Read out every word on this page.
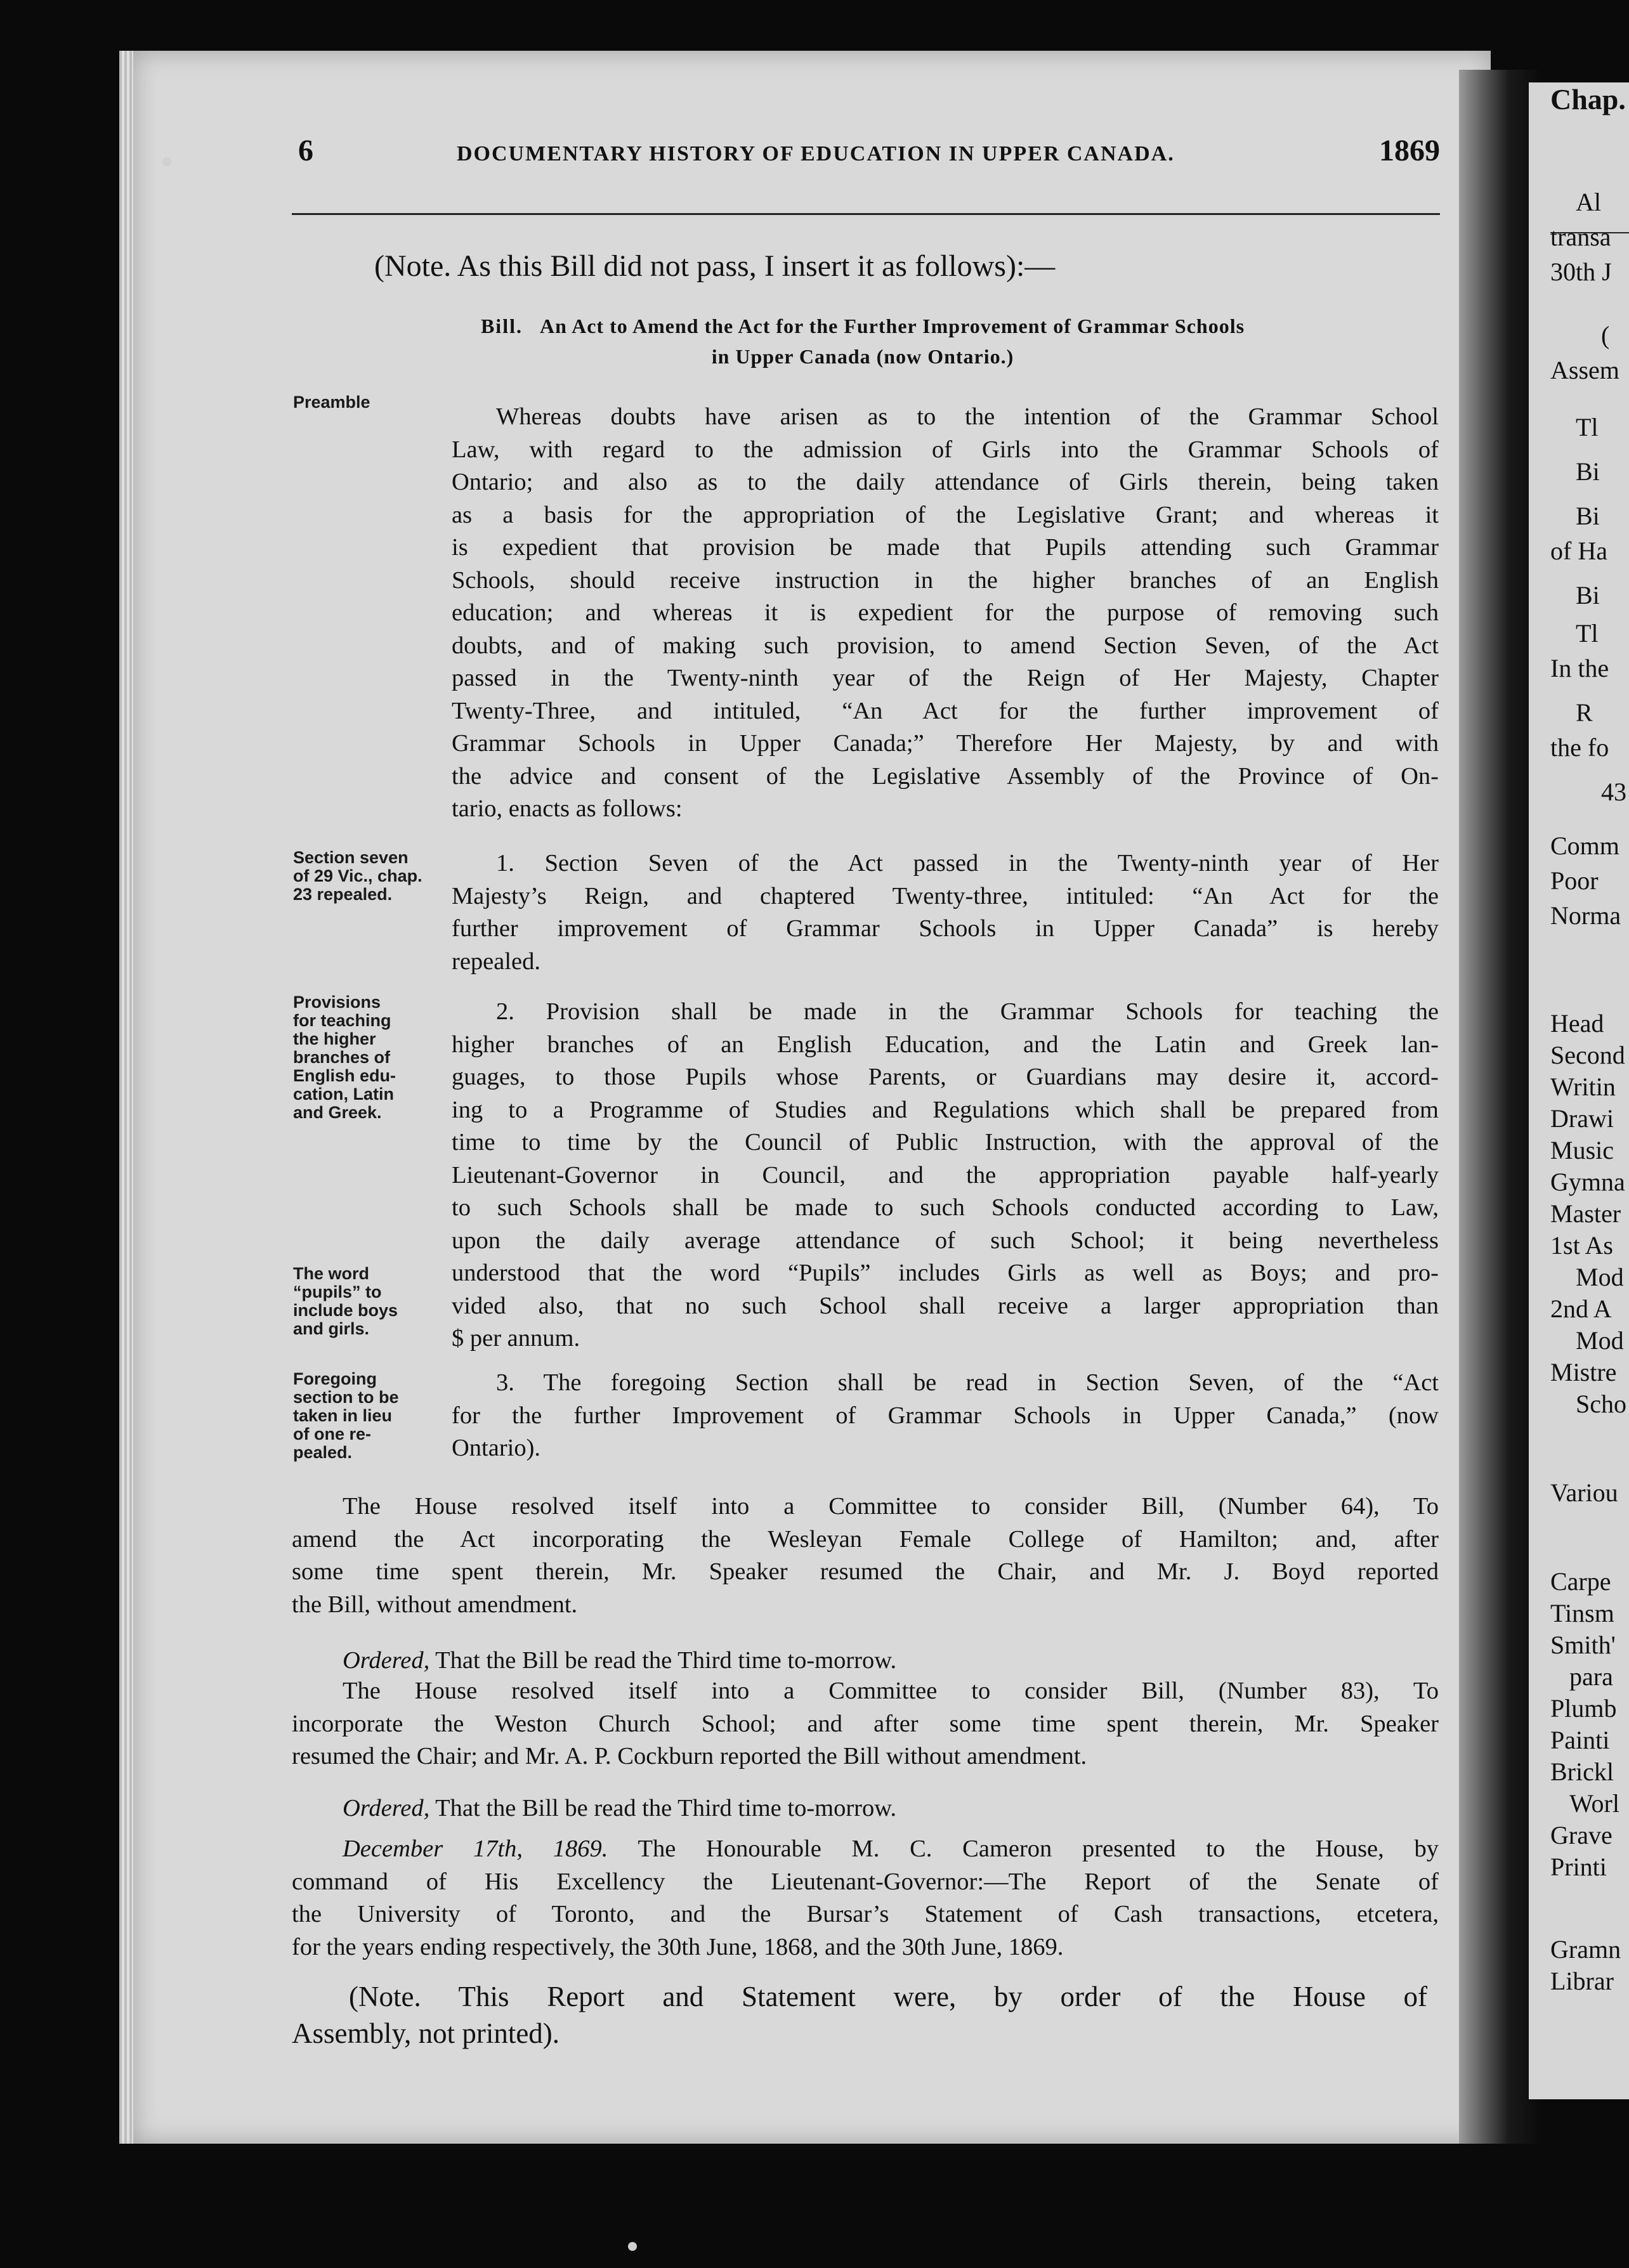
Chap.
Al
transa
30th J
(
Assem
Tl
Bi
Bi
of Ha
Bi
Tl
In the
R
the fo
43
Comm
Poor
Norma
Head
Second
Writin
Drawi
Music
Gymna
Master
1st As
Mod
2nd A
Mod
Mistre
Scho
Variou
Carpe
Tinsm
Smith'
para
Plumb
Painti
Brickl
Worl
Grave
Printi
Gramn
Librar
6	DOCUMENTARY HISTORY OF EDUCATION IN UPPER CANADA.	1869
(Note. As this Bill did not pass, I insert it as follows):—
Bill. An Act to Amend the Act for the Further Improvement of Grammar Schools
in Upper Canada (now Ontario.)
Preamble
Whereas doubts have arisen as to the intention of the Grammar School
Law, with regard to the admission of Girls into the Grammar Schools of
Ontario; and also as to the daily attendance of Girls therein, being taken
as a basis for the appropriation of the Legislative Grant; and whereas it
is expedient that provision be made that Pupils attending such Grammar
Schools, should receive instruction in the higher branches of an English
education; and whereas it is expedient for the purpose of removing such
doubts, and of making such provision, to amend Section Seven, of the Act
passed in the Twenty-ninth year of the Reign of Her Majesty, Chapter
Twenty-Three, and intituled, “An Act for the further improvement of
Grammar Schools in Upper Canada;” Therefore Her Majesty, by and with
the advice and consent of the Legislative Assembly of the Province of On-
tario, enacts as follows:
Section seven
of 29 Vic., chap.
23 repealed.
1. Section Seven of the Act passed in the Twenty-ninth year of Her
Majesty’s Reign, and chaptered Twenty-three, intituled: “An Act for the
further improvement of Grammar Schools in Upper Canada” is hereby
repealed.
Provisions
for teaching
the higher
branches of
English edu-
cation, Latin
and Greek.
2. Provision shall be made in the Grammar Schools for teaching the
higher branches of an English Education, and the Latin and Greek lan-
guages, to those Pupils whose Parents, or Guardians may desire it, accord-
ing to a Programme of Studies and Regulations which shall be prepared from
time to time by the Council of Public Instruction, with the approval of the
Lieutenant-Governor in Council, and the appropriation payable half-yearly
to such Schools shall be made to such Schools conducted according to Law,
upon the daily average attendance of such School; it being nevertheless
understood that the word “Pupils” includes Girls as well as Boys; and pro-
vided also, that no such School shall receive a larger appropriation than
$ per annum.
Foregoing
section to be
taken in lieu
of one re-
pealed.
3. The foregoing Section shall be read in Section Seven, of the “Act
for the further Improvement of Grammar Schools in Upper Canada,” (now
Ontario).
The word
“pupils” to
include boys
and girls.
The House resolved itself into a Committee to consider Bill, (Number 64), To
amend the Act incorporating the Wesleyan Female College of Hamilton; and, after
some time spent therein, Mr. Speaker resumed the Chair, and Mr. J. Boyd reported
the Bill, without amendment.
Ordered, That the Bill be read the Third time to-morrow.
The House resolved itself into a Committee to consider Bill, (Number 83), To
incorporate the Weston Church School; and after some time spent therein, Mr. Speaker
resumed the Chair; and Mr. A. P. Cockburn reported the Bill without amendment.
Ordered, That the Bill be read the Third time to-morrow.
December 17th, 1869. The Honourable M. C. Cameron presented to the House, by
command of His Excellency the Lieutenant-Governor:—The Report of the Senate of
the University of Toronto, and the Bursar’s Statement of Cash transactions, etcetera,
for the years ending respectively, the 30th June, 1868, and the 30th June, 1869.
(Note. This Report and Statement were, by order of the House of
Assembly, not printed).
